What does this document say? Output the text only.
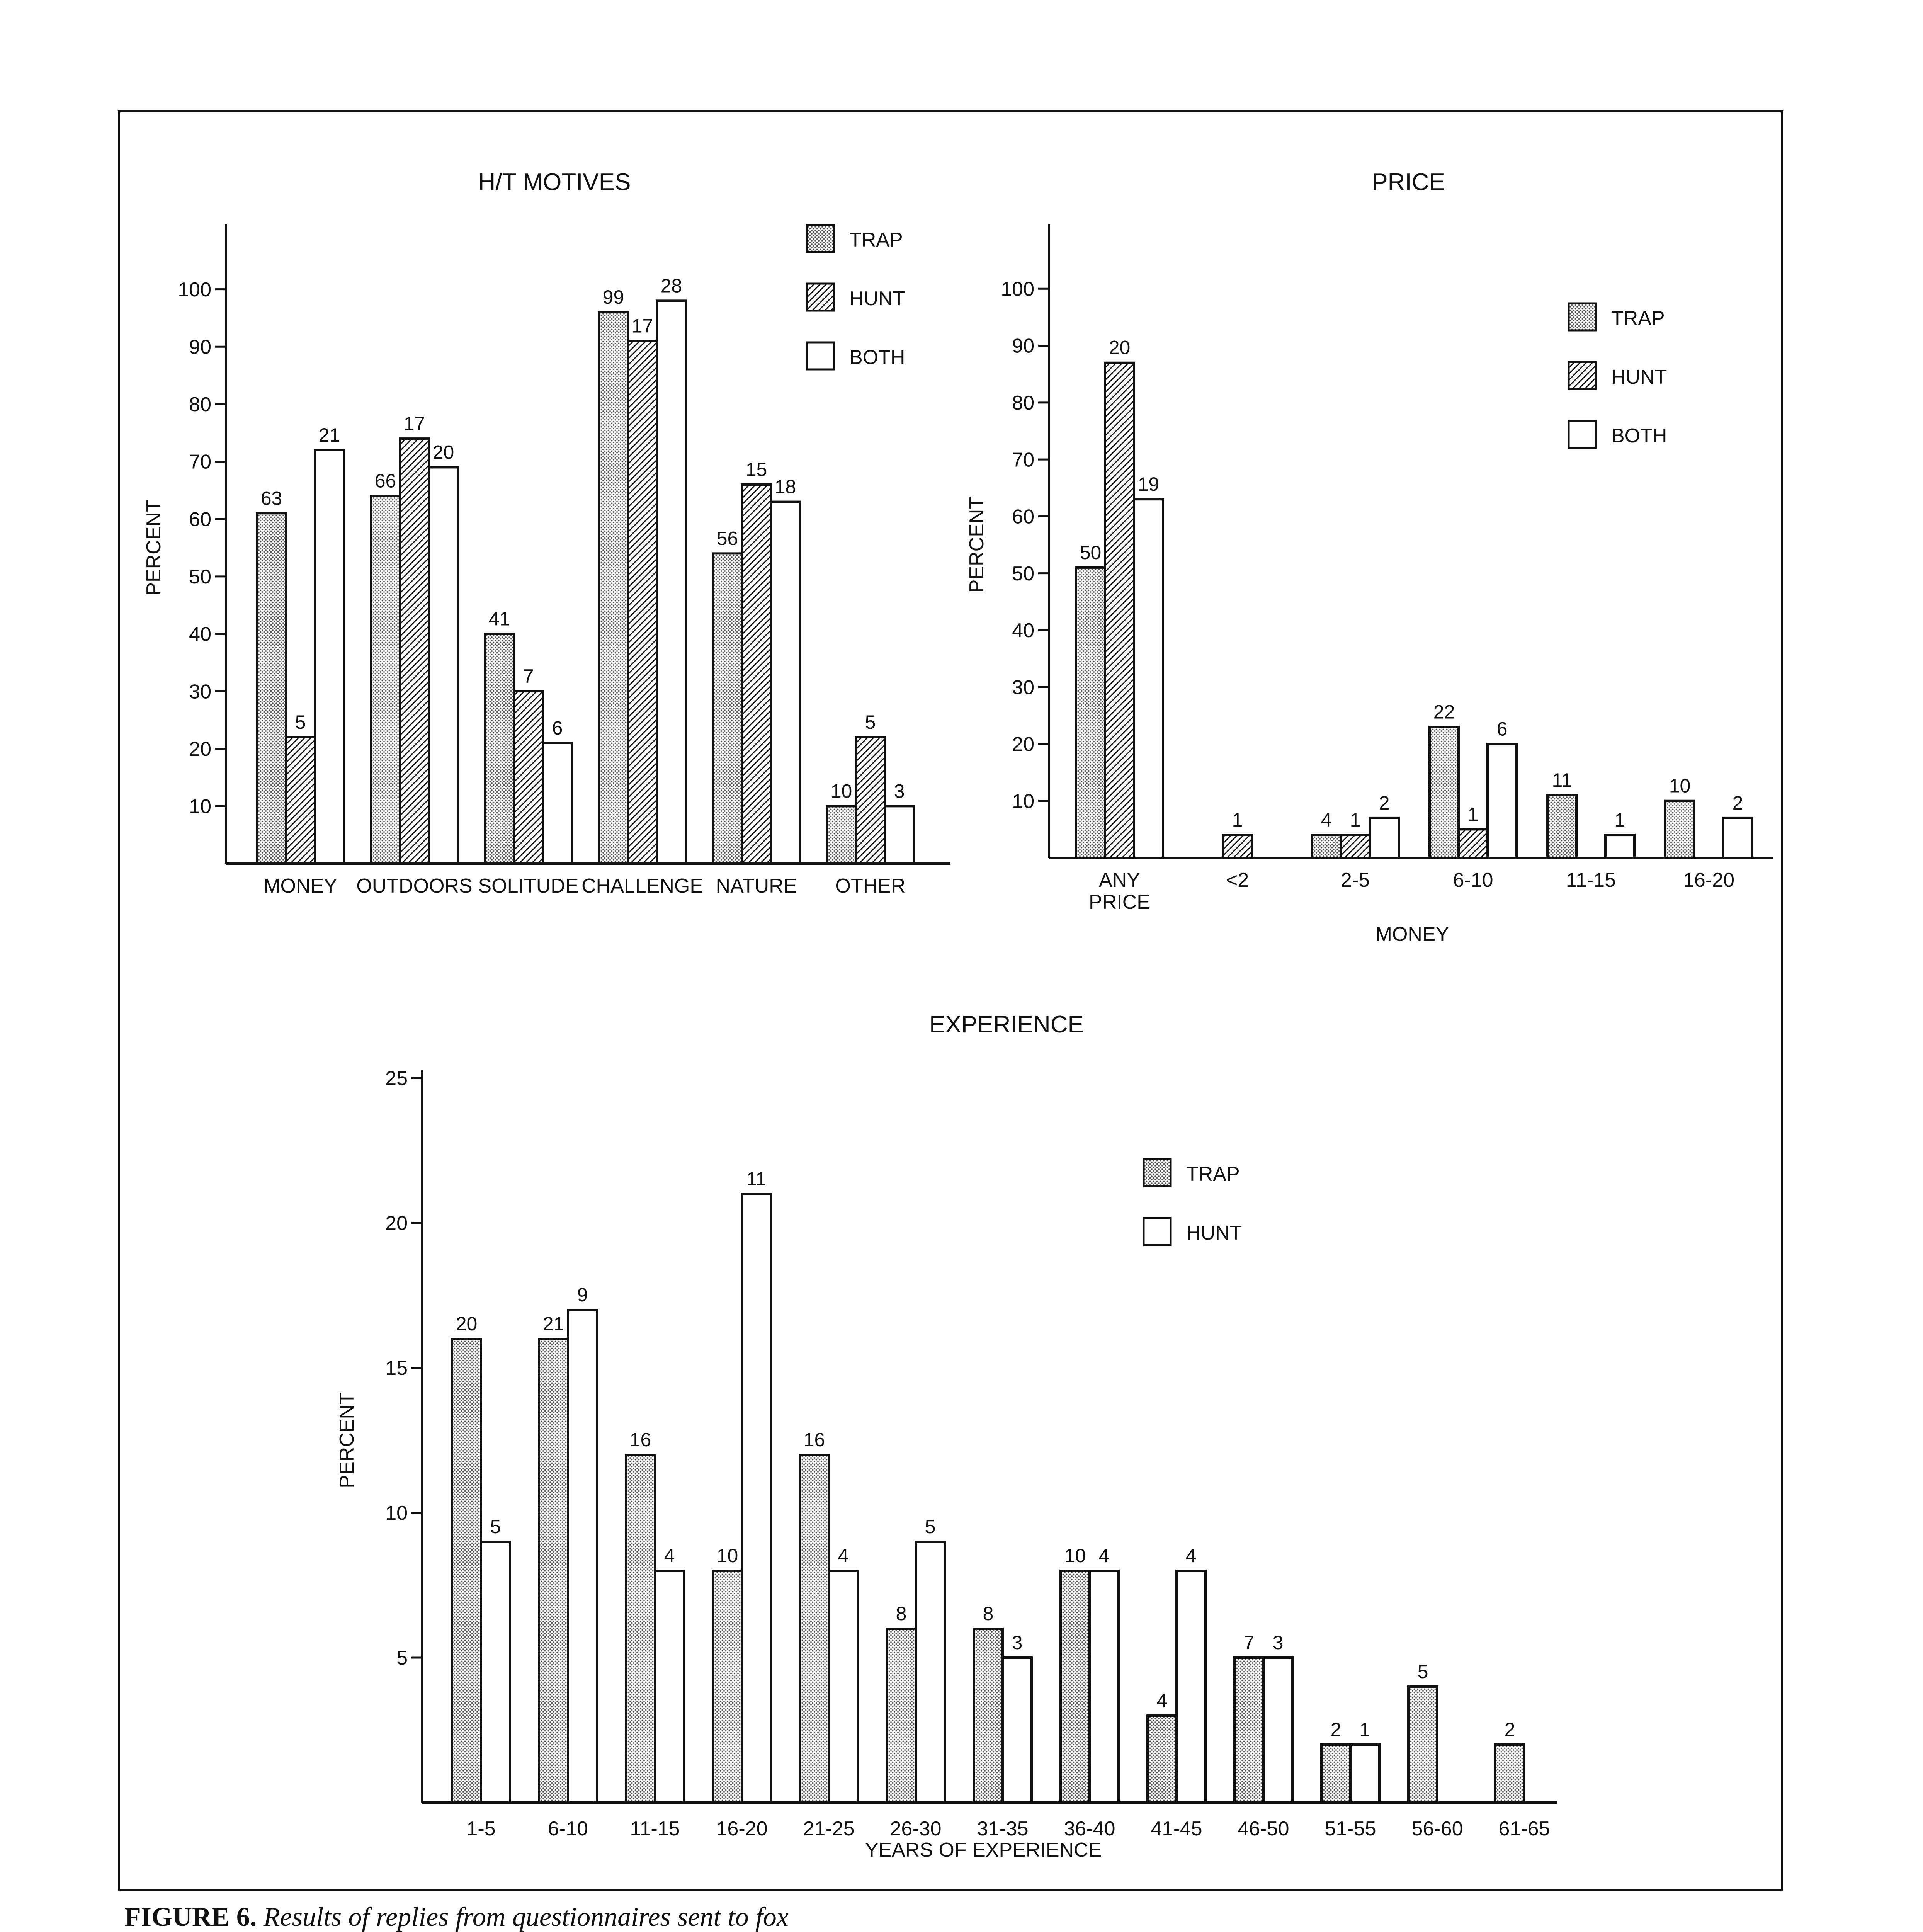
10
20
30
40
50
60
70
80
90
100
H/T MOTIVES
PERCENT
63
5
21
MONEY
66
17
20
OUTDOORS
41
7
6
SOLITUDE
99
17
28
CHALLENGE
56
15
18
NATURE
10
5
3
OTHER
TRAP
HUNT
BOTH
10
20
30
40
50
60
70
80
90
100
PRICE
PERCENT
MONEY
50
20
19
ANY
PRICE
1
<2
4 1
2
2-5
22
1
6
6-10
11
1
11-15
10
2
16-20
TRAP
HUNT
BOTH
5
10
15
20
25
EXPERIENCE
PERCENT
YEARS OF EXPERIENCE
20
5
1-5
21
9
6-10
16
4
11-15
10
11
16-20
16
4
21-25
8
5
26-30
8
3
31-35
10 4
36-40
4
4
41-45
7 3
46-50
2 1
51-55
5
56-60
2
61-65
TRAP
HUNT
FIGURE 6. Results of replies from questionnaires sent to fox
